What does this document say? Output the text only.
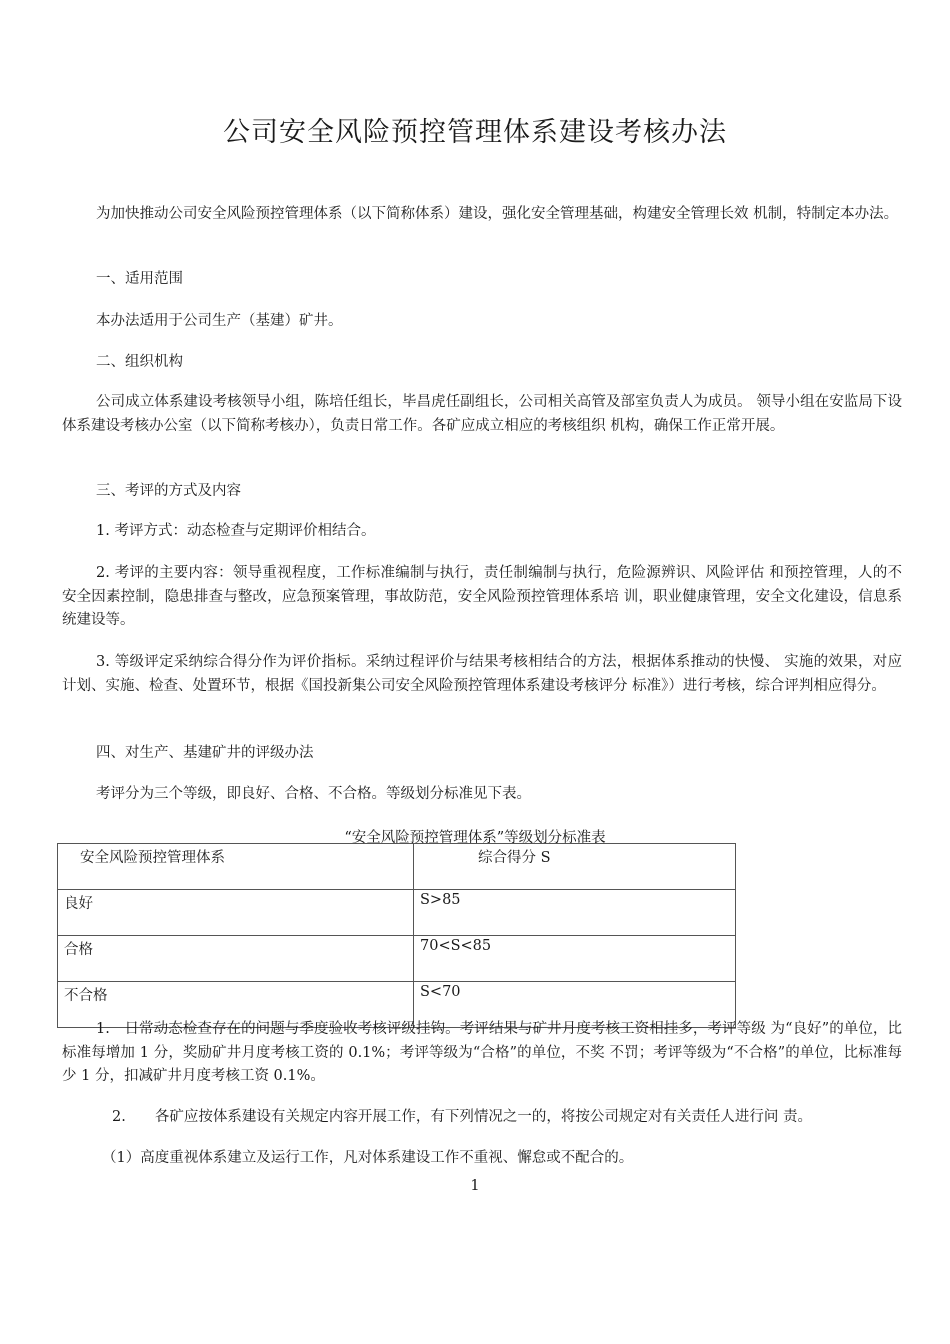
公司安全风险预控管理体系建设考核办法
为加快推动公司安全风险预控管理体系（以下简称体系）建设，强化安全管理基础，构建安全管理长效 机制，特制定本办法。
一、适用范围
本办法适用于公司生产（基建）矿井。
二、组织机构
公司成立体系建设考核领导小组，陈培任组长，毕昌虎任副组长，公司相关高管及部室负责人为成员。 领导小组在安监局下设体系建设考核办公室（以下简称考核办），负责日常工作。各矿应成立相应的考核组织 机构，确保工作正常开展。
三、考评的方式及内容
1. 考评方式：动态检查与定期评价相结合。
2. 考评的主要内容：领导重视程度，工作标准编制与执行，责任制编制与执行，危险源辨识、风险评估 和预控管理，人的不安全因素控制，隐患排查与整改，应急预案管理，事故防范，安全风险预控管理体系培 训，职业健康管理，安全文化建设，信息系统建设等。
3. 等级评定采纳综合得分作为评价指标。采纳过程评价与结果考核相结合的方法，根据体系推动的快慢、 实施的效果，对应计划、实施、检查、处置环节，根据《国投新集公司安全风险预控管理体系建设考核评分 标准》）进行考核，综合评判相应得分。
四、对生产、基建矿井的评级办法
考评分为三个等级，即良好、合格、不合格。等级划分标准见下表。
“安全风险预控管理体系”等级划分标准表
安全风险预控管理体系	综合得分 S
良好	S>85
合格	70<S<85
不合格	S<70
1.　日常动态检查存在的问题与季度验收考核评级挂钩。考评结果与矿井月度考核工资相挂多，考评等级 为“良好”的单位，比标准每增加 1 分，奖励矿井月度考核工资的 0.1%；考评等级为“合格”的单位，不奖 不罚；考评等级为“不合格”的单位，比标准每少 1 分，扣减矿井月度考核工资 0.1%。
2.　　各矿应按体系建设有关规定内容开展工作，有下列情况之一的，将按公司规定对有关责任人进行问 责。
（1）高度重视体系建立及运行工作，凡对体系建设工作不重视、懈怠或不配合的。
1
